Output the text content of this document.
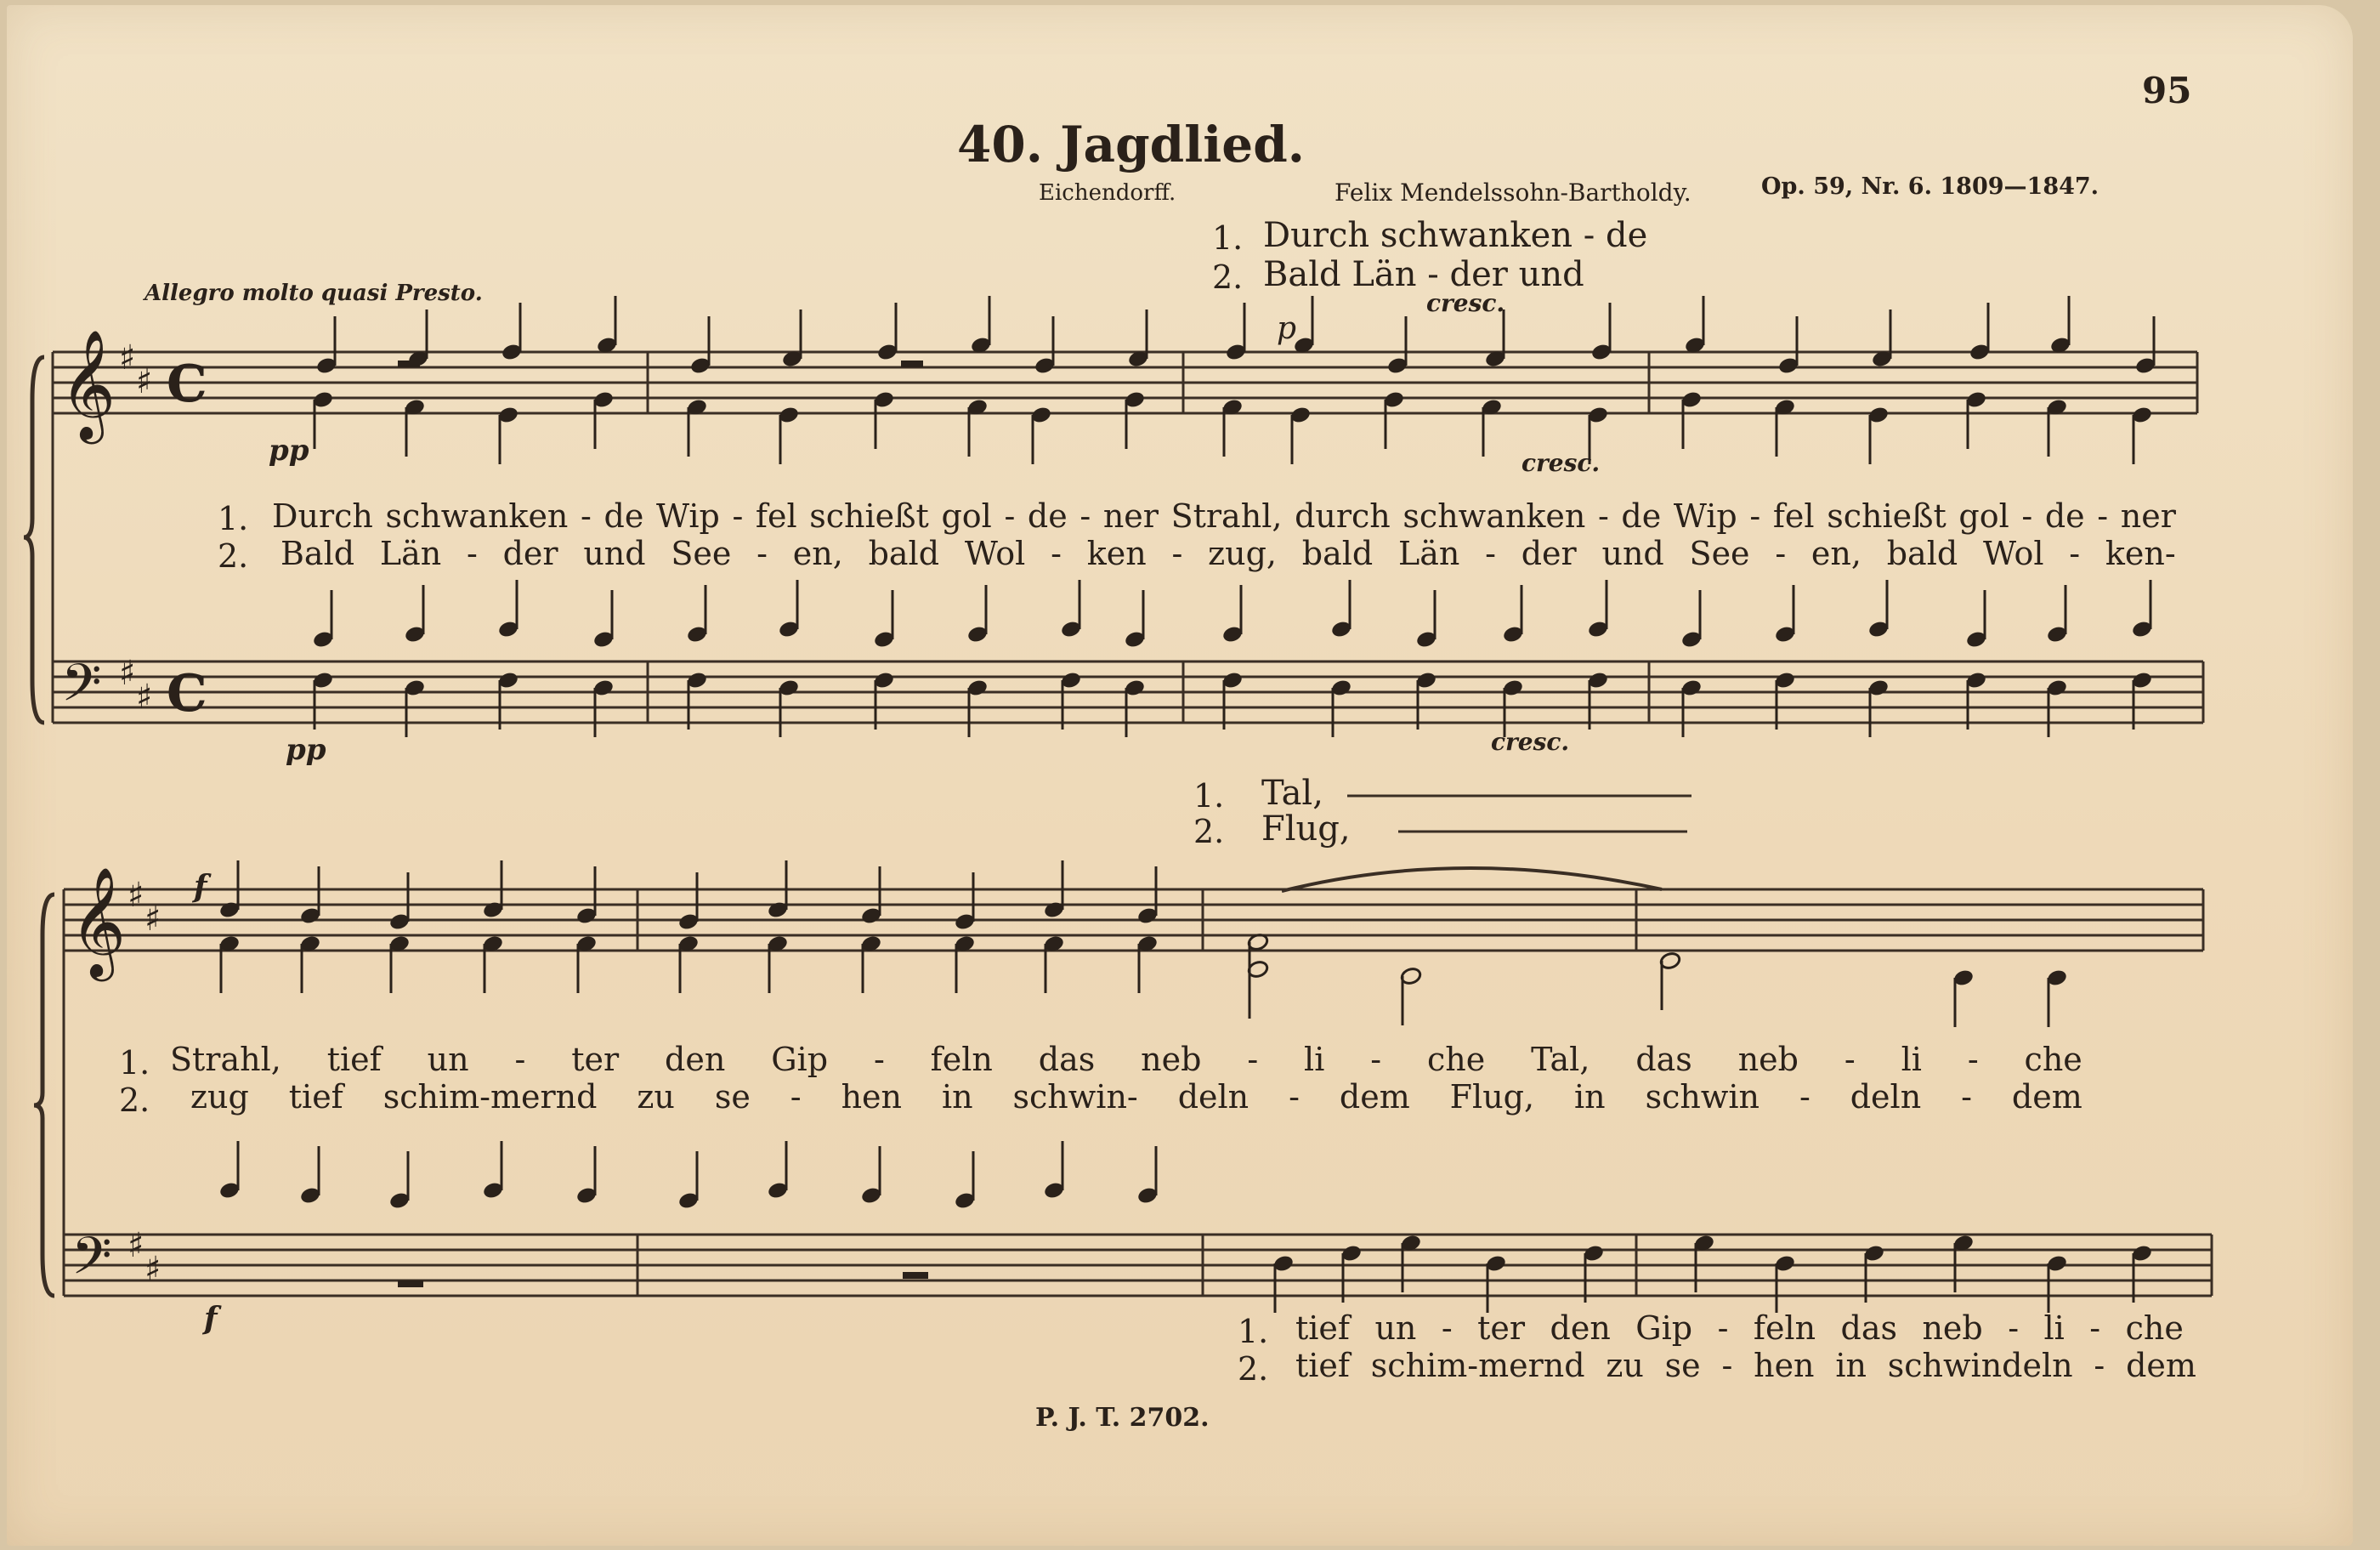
𝄞
𝄢
𝄞
𝄢
♯
♯
♯
♯
♯
♯
♯
♯
C
C
95
40. Jagdlied.
Eichendorff.	Felix Mendelssohn-Bartholdy.	Op. 59, Nr. 6. 1809—1847.
Allegro molto quasi Presto.
1. Durch schwanken - de
2. Bald Län - der und
cresc.
p
pp	cresc.
pp	cresc.
f
f
1. Durch schwanken - de Wip - fel schießt gol - de - ner Strahl, durch schwanken - de Wip - fel schießt gol - de - ner
2. Bald Län - der und See - en, bald Wol - ken - zug, bald Län - der und See - en, bald Wol - ken-
1. Tal,
2. Flug,
1. Strahl, tief un - ter den Gip - feln das neb - li - che Tal, das neb - li - che
2. zug tief schim-mernd zu se - hen in schwin- deln - dem Flug, in schwin - deln - dem
1. tief un - ter den Gip - feln das neb - li - che
2. tief schim-mernd zu se - hen in schwindeln - dem
P. J. T. 2702.
